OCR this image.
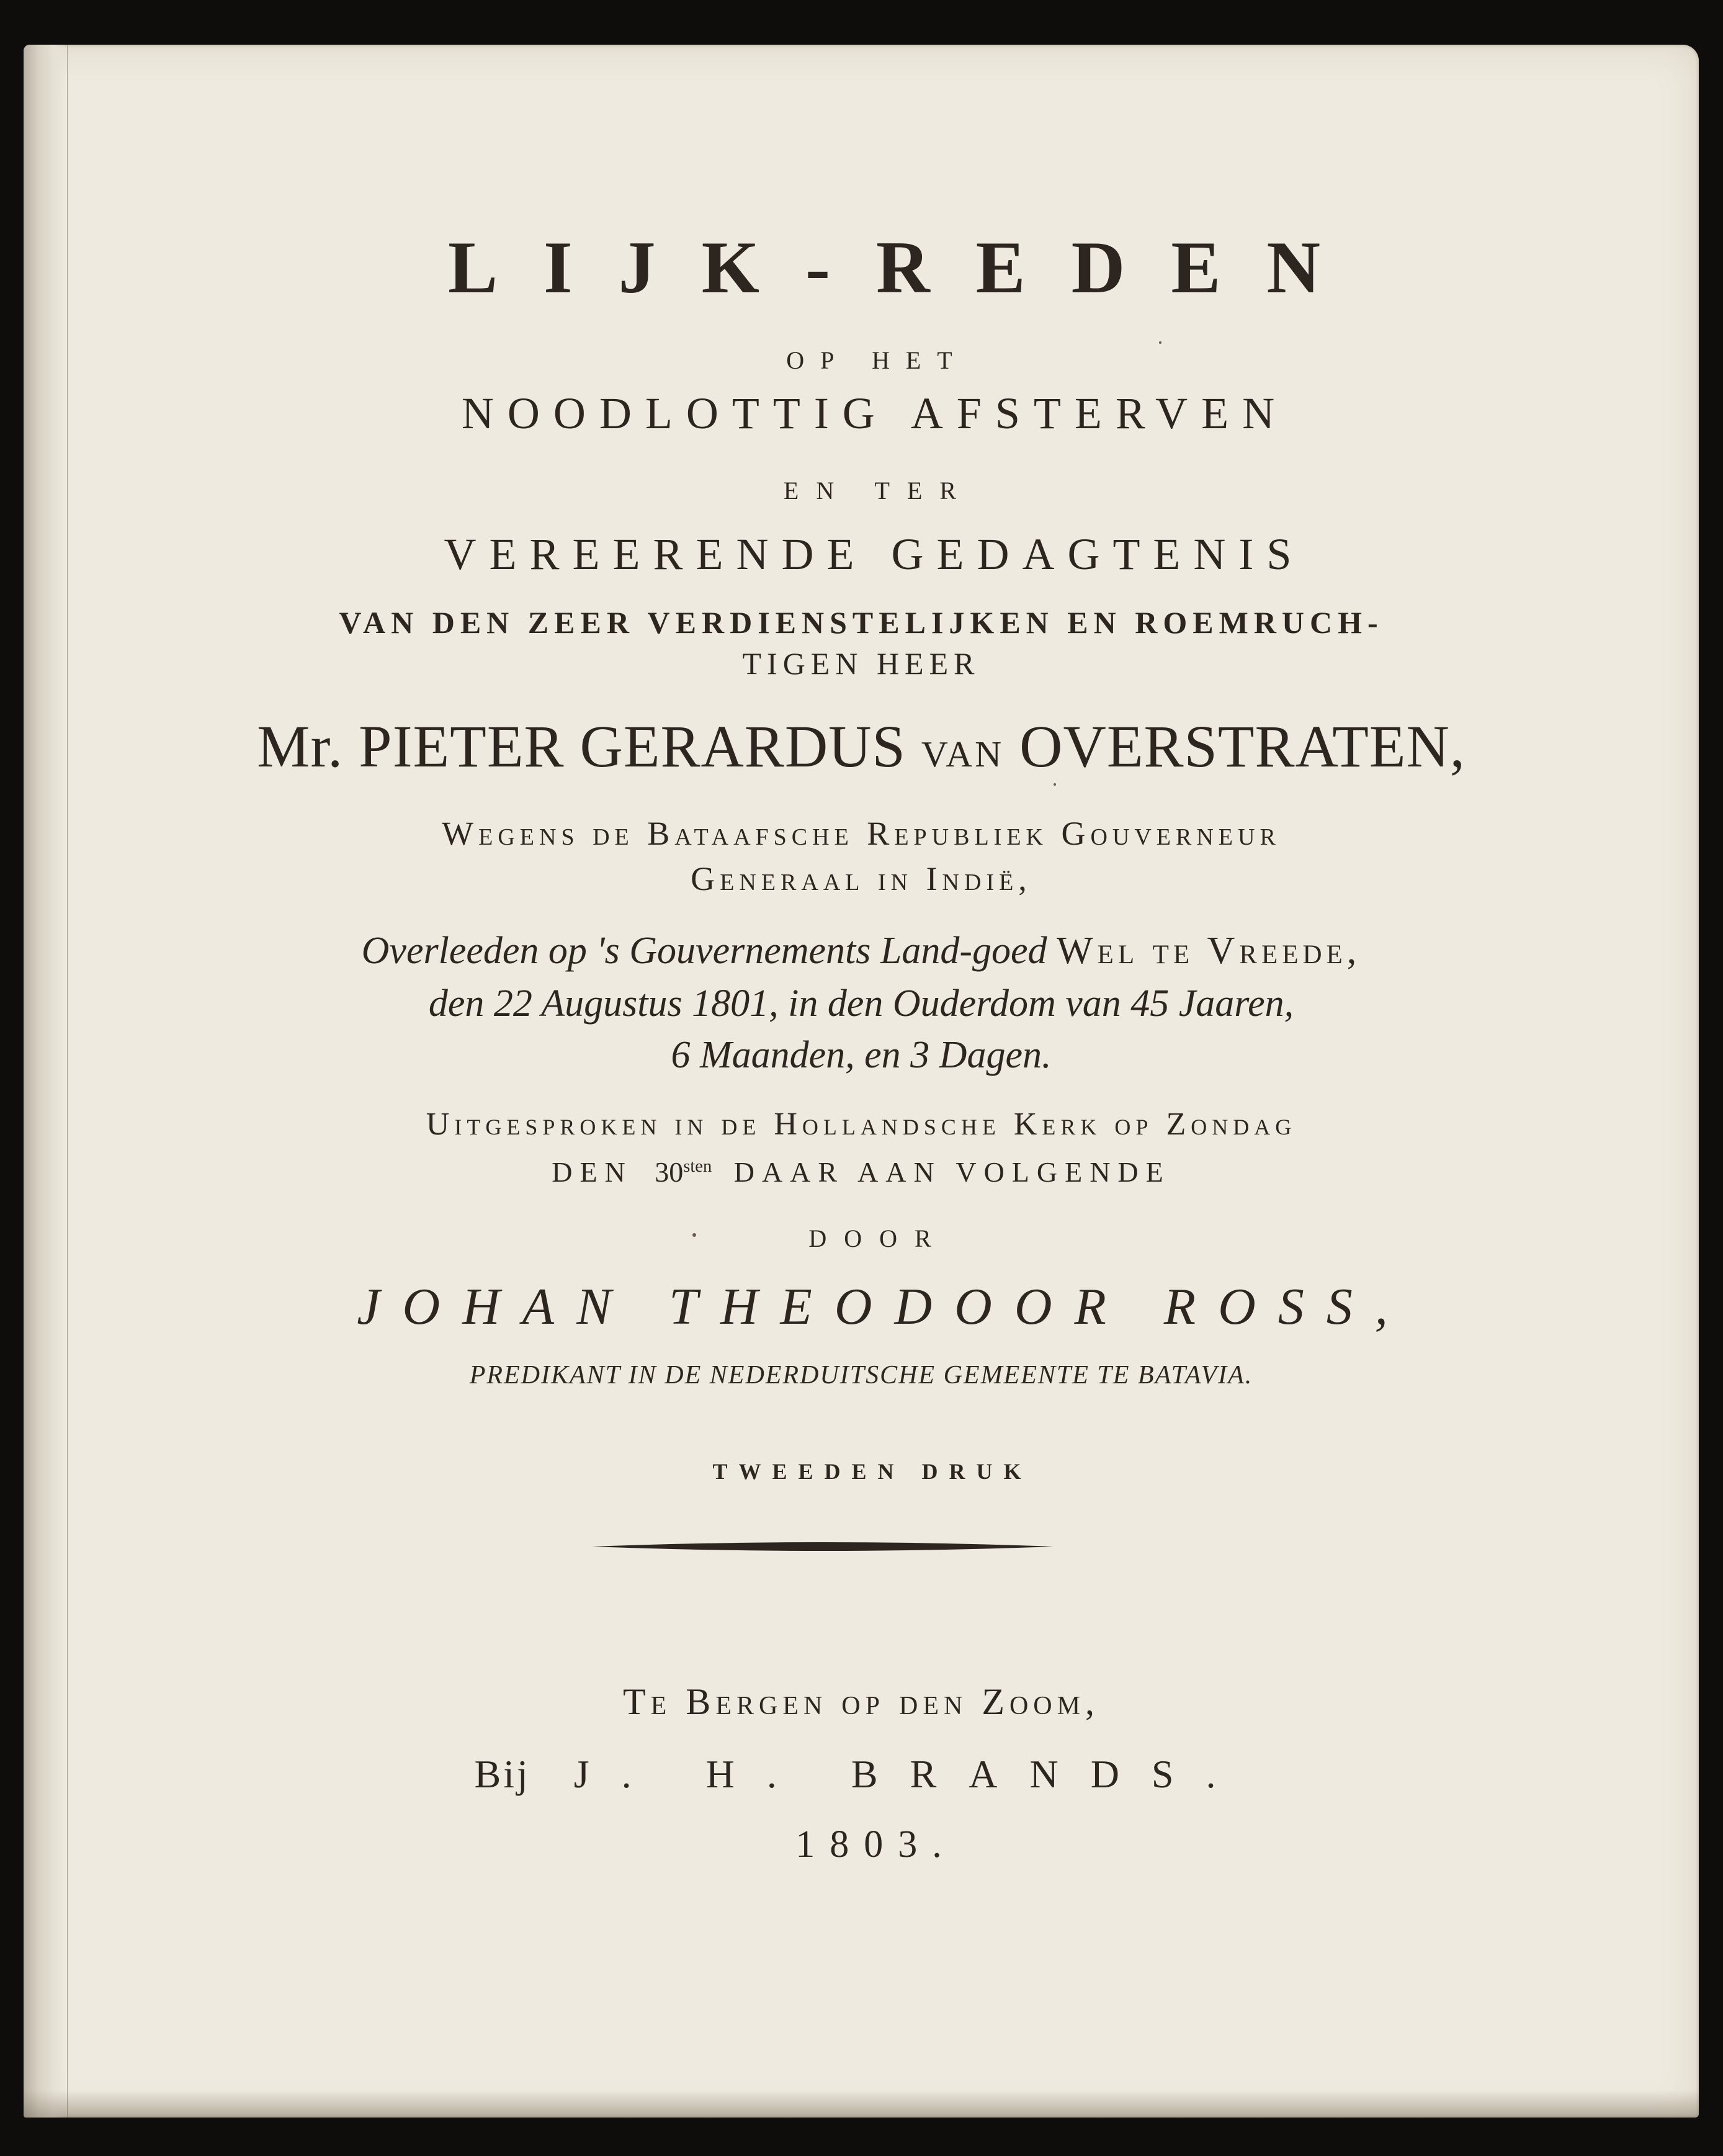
LIJK-REDEN
OP HET
NOODLOTTIG AFSTERVEN
EN TER
VEREERENDE GEDAGTENIS
VAN DEN ZEER VERDIENSTELIJKEN EN ROEMRUCH-
TIGEN HEER
Mr. PIETER GERARDUS VAN OVERSTRATEN,
Wegens de Bataafsche Republiek Gouverneur
Generaal in Indië,
Overleeden op 's Gouvernements Land-goed Wel te Vreede,
den 22 Augustus 1801, in den Ouderdom van 45 Jaaren,
6 Maanden, en 3 Dagen.
Uitgesproken in de Hollandsche Kerk op Zondag
DEN $30^{sten}$ DAAR AAN VOLGENDE
DOOR
JOHAN THEODOOR ROSS,
PREDIKANT IN DE NEDERDUITSCHE GEMEENTE TE BATAVIA.
TWEEDEN DRUK
Te Bergen op den Zoom,
Bij J. H. BRANDS.
1803.
